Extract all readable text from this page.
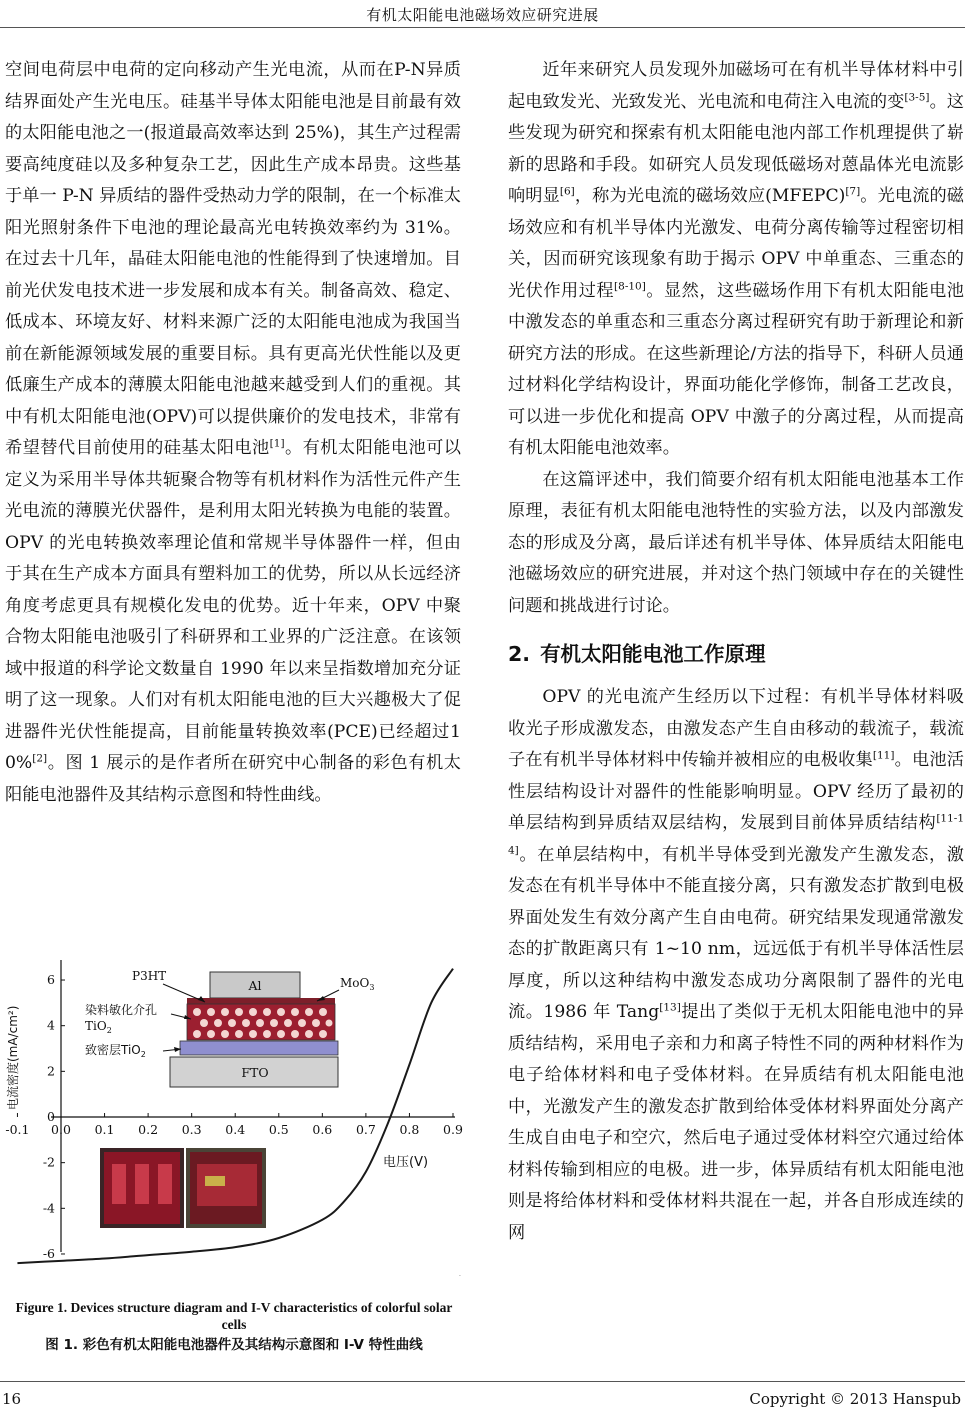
有机太阳能电池磁场效应研究进展

空间电荷层中电荷的定向移动产生光电流，从而在P-N异质结界面处产生光电压。硅基半导体太阳能电池是目前最有效的太阳能电池之一(报道最高效率达到 25%)，其生产过程需要高纯度硅以及多种复杂工艺，因此生产成本昂贵。这些基于单一 P-N 异质结的器件受热动力学的限制，在一个标准太阳光照射条件下电池的理论最高光电转换效率约为 31%。在过去十几年，晶硅太阳能电池的性能得到了快速增加。目前光伏发电技术进一步发展和成本有关。制备高效、稳定、低成本、环境友好、材料来源广泛的太阳能电池成为我国当前在新能源领域发展的重要目标。具有更高光伏性能以及更低廉生产成本的薄膜太阳能电池越来越受到人们的重视。其中有机太阳能电池(OPV)可以提供廉价的发电技术，非常有希望替代目前使用的硅基太阳电池[1]。有机太阳能电池可以定义为采用半导体共轭聚合物等有机材料作为活性元件产生光电流的薄膜光伏器件，是利用太阳光转换为电能的装置。OPV 的光电转换效率理论值和常规半导体器件一样，但由于其在生产成本方面具有塑料加工的优势，所以从长远经济角度考虑更具有规模化发电的优势。近十年来，OPV 中聚合物太阳能电池吸引了科研界和工业界的广泛注意。在该领域中报道的科学论文数量自 1990 年以来呈指数增加充分证明了这一现象。人们对有机太阳能电池的巨大兴趣极大了促进器件光伏性能提高，目前能量转换效率(PCE)已经超过10%[2]。图 1 展示的是作者所在研究中心制备的彩色有机太阳能电池器件及其结构示意图和特性曲线。

-0.1 0.0 0.1 0.2 0.3 0.4 0.5 0.6 0.7 0.8 0.9
6
4
2
0
-2
-4
-6
电流密度(mA/cm²)
电压(V)
Al
FTO
P3HT	MoO$_3$
染料敏化介孔
TiO$_2$
致密层TiO$_2$
·
Figure 1. Devices structure diagram and I-V characteristics of colorful solar cells
图 1. 彩色有机太阳能电池器件及其结构示意图和 I-V 特性曲线

近年来研究人员发现外加磁场可在有机半导体材料中引起电致发光、光致发光、光电流和电荷注入电流的变[3-5]。这些发现为研究和探索有机太阳能电池内部工作机理提供了崭新的思路和手段。如研究人员发现低磁场对蒽晶体光电流影响明显[6]，称为光电流的磁场效应(MFEPC)[7]。光电流的磁场效应和有机半导体内光激发、电荷分离传输等过程密切相关，因而研究该现象有助于揭示 OPV 中单重态、三重态的光伏作用过程[8-10]。显然，这些磁场作用下有机太阳能电池中激发态的单重态和三重态分离过程研究有助于新理论和新研究方法的形成。在这些新理论/方法的指导下，科研人员通过材料化学结构设计，界面功能化学修饰，制备工艺改良，可以进一步优化和提高 OPV 中激子的分离过程，从而提高有机太阳能电池效率。

在这篇评述中，我们简要介绍有机太阳能电池基本工作原理，表征有机太阳能电池特性的实验方法，以及内部激发态的形成及分离，最后详述有机半导体、体异质结太阳能电池磁场效应的研究进展，并对这个热门领域中存在的关键性问题和挑战进行讨论。

2. 有机太阳能电池工作原理

OPV 的光电流产生经历以下过程：有机半导体材料吸收光子形成激发态，由激发态产生自由移动的载流子，载流子在有机半导体材料中传输并被相应的电极收集[11]。电池活性层结构设计对器件的性能影响明显。OPV 经历了最初的单层结构到异质结双层结构，发展到目前体异质结结构[11-14]。在单层结构中，有机半导体受到光激发产生激发态，激发态在有机半导体中不能直接分离，只有激发态扩散到电极界面处发生有效分离产生自由电荷。研究结果发现通常激发态的扩散距离只有 1~10 nm，远远低于有机半导体活性层厚度，所以这种结构中激发态成功分离限制了器件的光电流。1986 年 Tang[13]提出了类似于无机太阳能电池中的异质结结构，采用电子亲和力和离子特性不同的两种材料作为电子给体材料和电子受体材料。在异质结有机太阳能电池中，光激发产生的激发态扩散到给体受体材料界面处分离产生成自由电子和空穴，然后电子通过受体材料空穴通过给体材料传输到相应的电极。进一步，体异质结有机太阳能电池则是将给体材料和受体材料共混在一起，并各自形成连续的网

16	Copyright © 2013 Hanspub
